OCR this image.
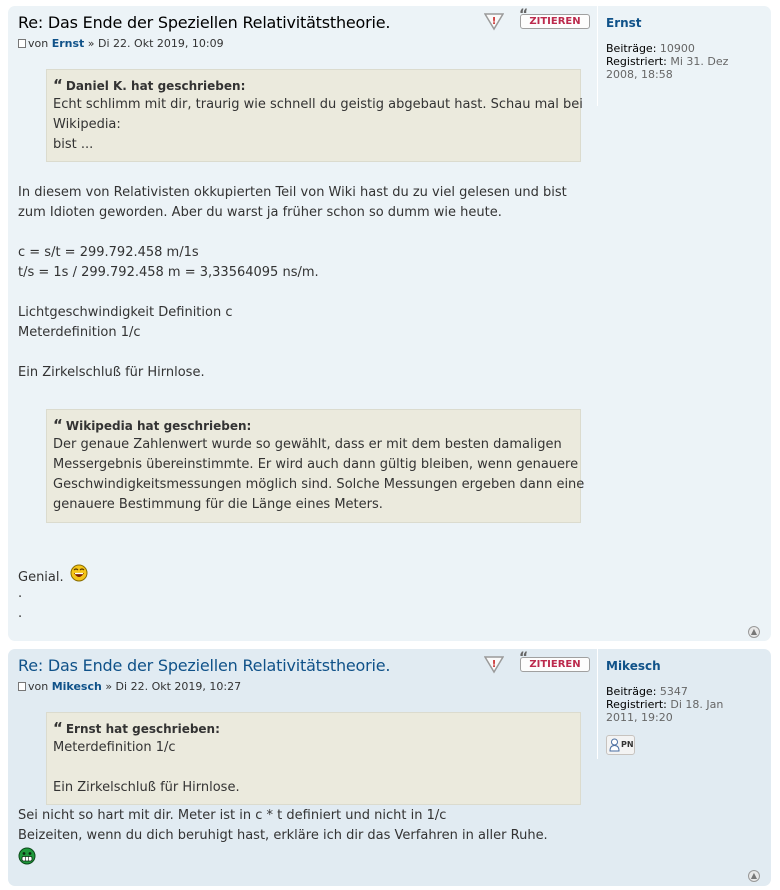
Re: Das Ende der Speziellen Relativitätstheorie.	! “ ZITIEREN
von Ernst » Di 22. Okt 2019, 10:09
“ Daniel K. hat geschrieben:
Echt schlimm mit dir, traurig wie schnell du geistig abgebaut hast. Schau mal bei
Wikipedia:
bist ...
In diesem von Relativisten okkupierten Teil von Wiki hast du zu viel gelesen und bist
zum Idioten geworden. Aber du warst ja früher schon so dumm wie heute.
c = s/t = 299.792.458 m/1s
t/s = 1s / 299.792.458 m = 3,33564095 ns/m.
Lichtgeschwindigkeit Definition c
Meterdefinition 1/c
Ein Zirkelschluß für Hirnlose.
“ Wikipedia hat geschrieben:
Der genaue Zahlenwert wurde so gewählt, dass er mit dem besten damaligen
Messergebnis übereinstimmte. Er wird auch dann gültig bleiben, wenn genauere
Geschwindigkeitsmessungen möglich sind. Solche Messungen ergeben dann eine
genauere Bestimmung für die Länge eines Meters.
Genial.
.
.
Ernst
Beiträge: 10900
Registriert: Mi 31. Dez 2008, 18:58
▲
Re: Das Ende der Speziellen Relativitätstheorie.	! “ ZITIEREN
von Mikesch » Di 22. Okt 2019, 10:27
“ Ernst hat geschrieben:
Meterdefinition 1/c
Ein Zirkelschluß für Hirnlose.
Sei nicht so hart mit dir. Meter ist in c * t definiert und nicht in 1/c
Beizeiten, wenn du dich beruhigt hast, erkläre ich dir das Verfahren in aller Ruhe.
Mikesch
Beiträge: 5347
Registriert: Di 18. Jan 2011, 19:20
PN
▲
